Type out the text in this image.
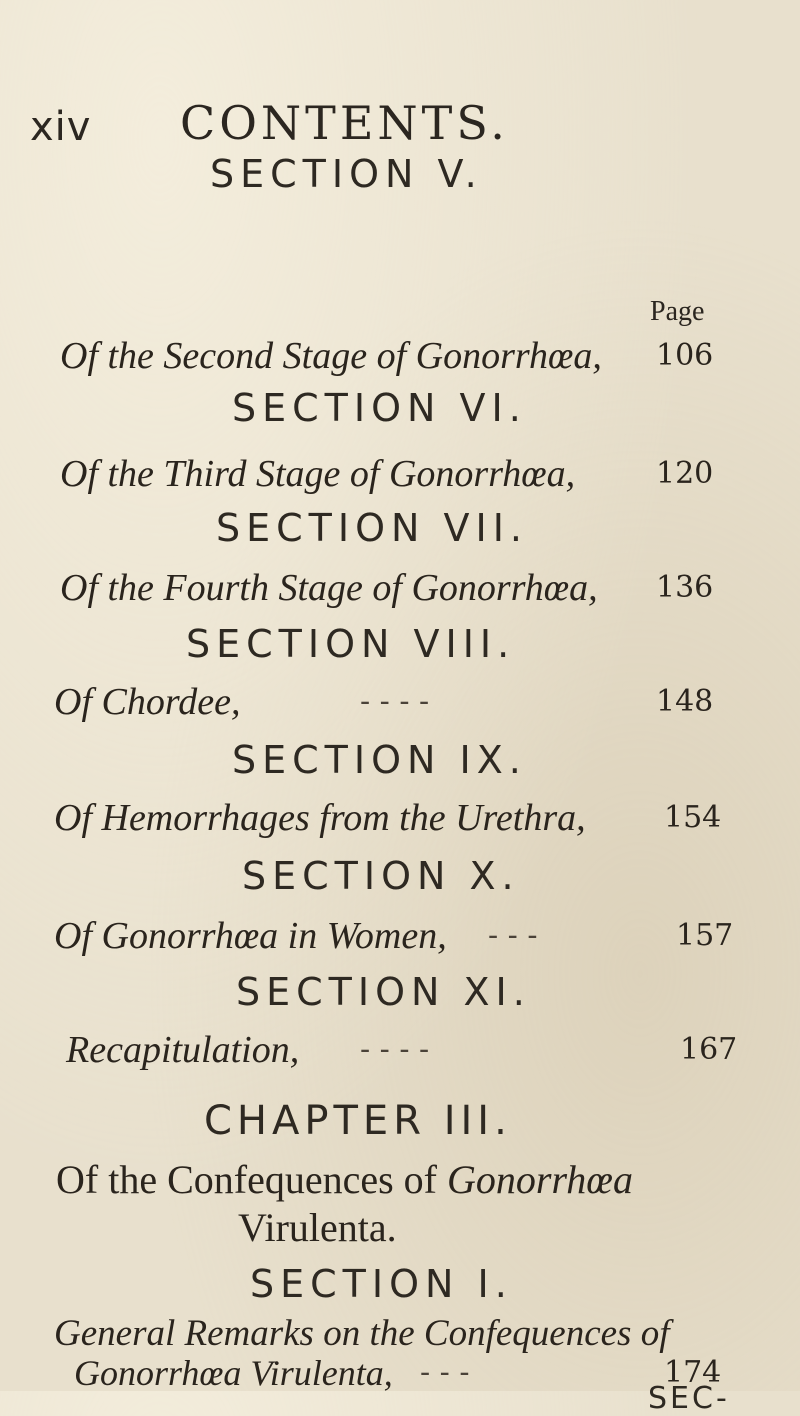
xiv CONTENTS.
SECTION V.
Page
Of the Second Stage of Gonorrhœa, 106
SECTION VI.
Of the Third Stage of Gonorrhœa,	120
SECTION VII.
Of the Fourth Stage of Gonorrhœa, 136
SECTION VIII.
Of Chordee,	- - - -	148
SECTION IX.
Of Hemorrhages from the Urethra,	154
SECTION X.
Of Gonorrhœa in Women, - - -	157
SECTION XI.
Recapitulation, - - - -	167
CHAPTER III.
Of the Confequences of Gonorrhœa
Virulenta.
SECTION I.
General Remarks on the Confequences of
Gonorrhœa Virulenta, - - -	174
SEC-
